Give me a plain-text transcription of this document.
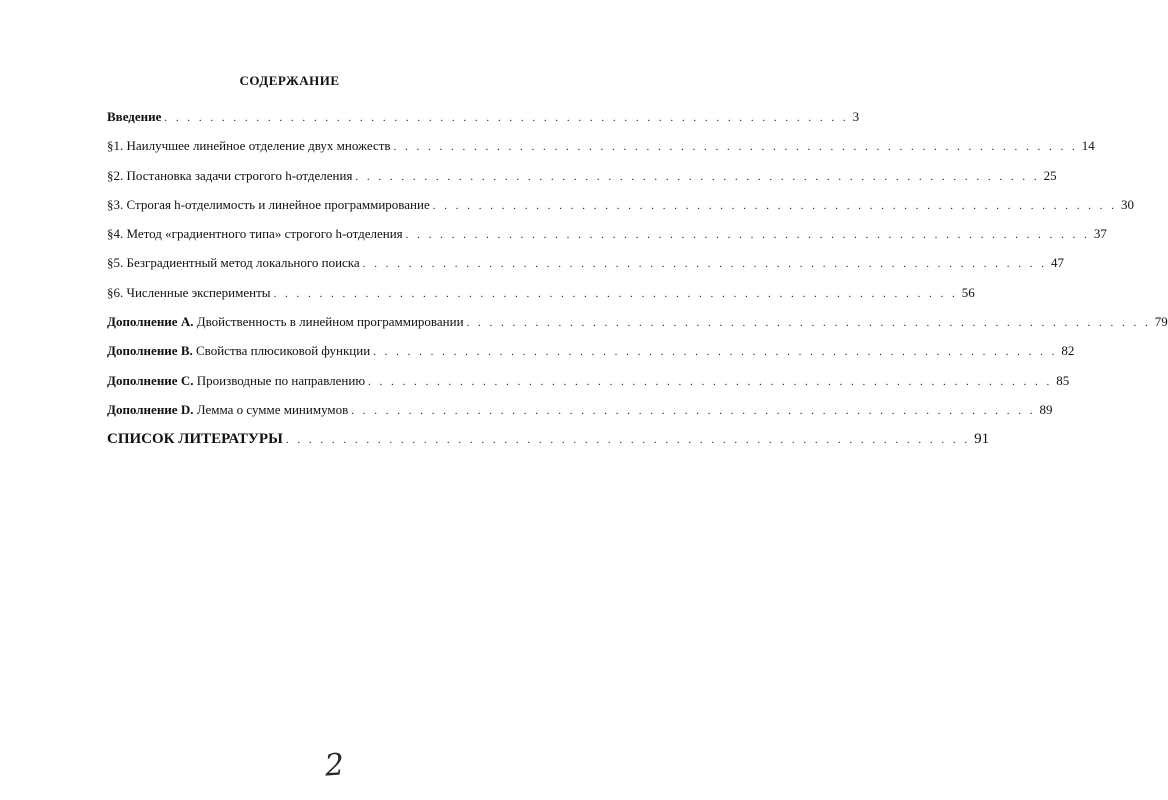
СОДЕРЖАНИЕ
Введение . . . . . . . . . . . . . . . . . . . . . . . . . . . . . . . . . . . . . . . . . . . . . . . . . . . . . . . . . . . . 3
§1. Наилучшее линейное отделение двух множеств . . . . . . . . . . . . . . . . . . . . . . . . . . . . . . . . . . . . . . . . . . . . . . . . . . . . . . . . . . . . 14
§2. Постановка задачи строгого h-отделения . . . . . . . . . . . . . . . . . . . . . . . . . . . . . . . . . . . . . . . . . . . . . . . . . . . . . . . . . . . . 25
§3. Строгая h-отделимость и линейное программирование . . . . . . . . . . . . . . . . . . . . . . . . . . . . . . . . . . . . . . . . . . . . . . . . . . . . . . . . . . . . 30
§4. Метод «градиентного типа» строгого h-отделения . . . . . . . . . . . . . . . . . . . . . . . . . . . . . . . . . . . . . . . . . . . . . . . . . . . . . . . . . . . . 37
§5. Безградиентный метод локального поиска . . . . . . . . . . . . . . . . . . . . . . . . . . . . . . . . . . . . . . . . . . . . . . . . . . . . . . . . . . . . 47
§6. Численные эксперименты . . . . . . . . . . . . . . . . . . . . . . . . . . . . . . . . . . . . . . . . . . . . . . . . . . . . . . . . . . . . 56
Дополнение A. Двойственность в линейном программировании . . . . . . . . . . . . . . . . . . . . . . . . . . . . . . . . . . . . . . . . . . . . . . . . . . . . . . . . . . . . 79
Дополнение B. Свойства плюсиковой функции . . . . . . . . . . . . . . . . . . . . . . . . . . . . . . . . . . . . . . . . . . . . . . . . . . . . . . . . . . . . 82
Дополнение C. Производные по направлению . . . . . . . . . . . . . . . . . . . . . . . . . . . . . . . . . . . . . . . . . . . . . . . . . . . . . . . . . . . . 85
Дополнение D. Лемма о сумме минимумов . . . . . . . . . . . . . . . . . . . . . . . . . . . . . . . . . . . . . . . . . . . . . . . . . . . . . . . . . . . . 89
СПИСОК ЛИТЕРАТУРЫ . . . . . . . . . . . . . . . . . . . . . . . . . . . . . . . . . . . . . . . . . . . . . . . . . . . . . . . . . . . . 91
2
